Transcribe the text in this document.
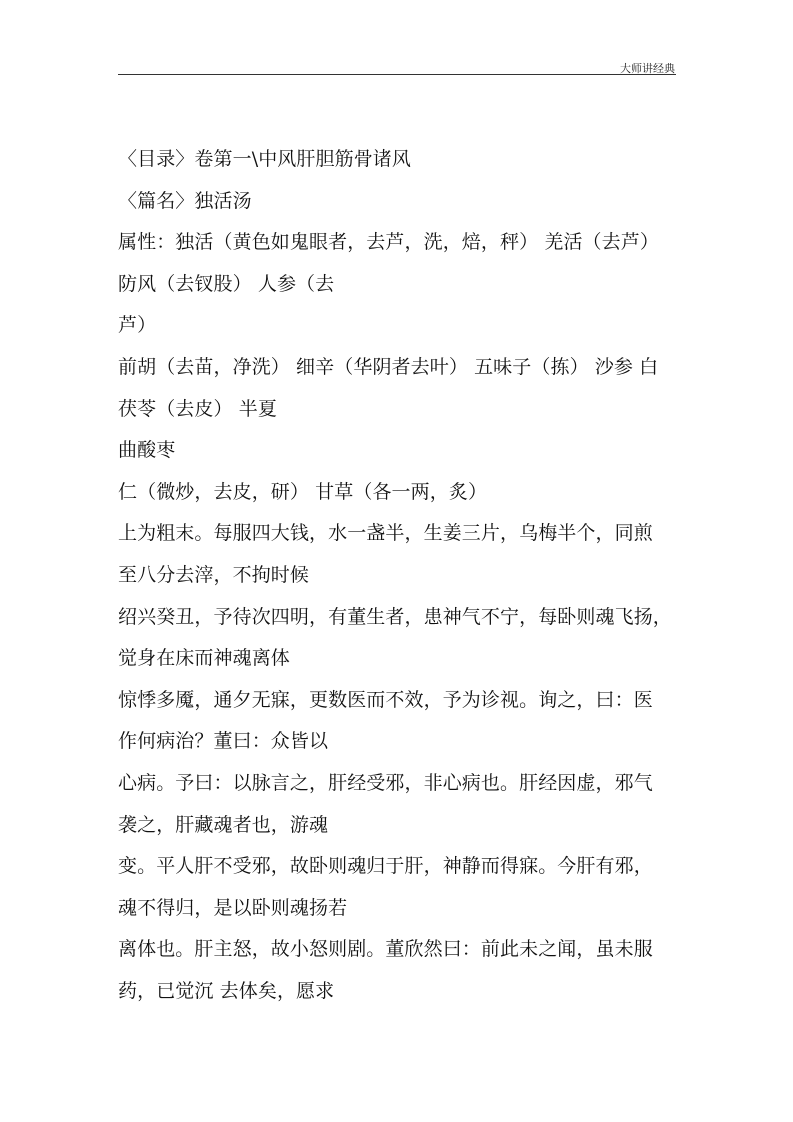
大师讲经典
〈目录〉卷第一\中风肝胆筋骨诸风
〈篇名〉独活汤
属性：独活（黄色如鬼眼者，去芦，洗，焙，秤） 羌活（去芦）
防风（去钗股） 人参（去
芦）
前胡（去苗，净洗） 细辛（华阴者去叶） 五味子（拣） 沙参 白
茯苓（去皮） 半夏
曲酸枣
仁（微炒，去皮，研） 甘草（各一两，炙）
上为粗末。每服四大钱，水一盏半，生姜三片，乌梅半个，同煎
至八分去滓，不拘时候
绍兴癸丑，予待次四明，有董生者，患神气不宁，每卧则魂飞扬，
觉身在床而神魂离体
惊悸多魇，通夕无寐，更数医而不效，予为诊视。询之，曰：医
作何病治？董曰：众皆以
心病。予曰：以脉言之，肝经受邪，非心病也。肝经因虚，邪气
袭之，肝藏魂者也，游魂
变。平人肝不受邪，故卧则魂归于肝，神静而得寐。今肝有邪，
魂不得归，是以卧则魂扬若
离体也。肝主怒，故小怒则剧。董欣然曰：前此未之闻，虽未服
药，已觉沉 去体矣，愿求
